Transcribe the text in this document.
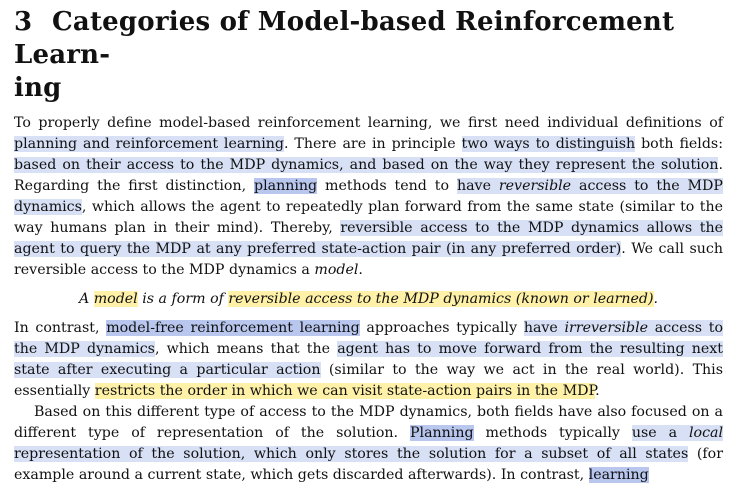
3 Categories of Model-based Reinforcement Learn-
ing

To properly define model-based reinforcement learning, we first need individual definitions of planning and reinforcement learning. There are in principle two ways to distinguish both fields: based on their access to the MDP dynamics, and based on the way they represent the solution. Regarding the first distinction, planning methods tend to have reversible access to the MDP dynamics, which allows the agent to repeatedly plan forward from the same state (similar to the way humans plan in their mind). Thereby, reversible access to the MDP dynamics allows the agent to query the MDP at any preferred state-action pair (in any preferred order). We call such reversible access to the MDP dynamics a model.

A model is a form of reversible access to the MDP dynamics (known or learned).

In contrast, model-free reinforcement learning approaches typically have irreversible access to the MDP dynamics, which means that the agent has to move forward from the resulting next state after executing a particular action (similar to the way we act in the real world). This essentially restricts the order in which we can visit state-action pairs in the MDP.

Based on this different type of access to the MDP dynamics, both fields have also focused on a different type of representation of the solution. Planning methods typically use a local representation of the solution, which only stores the solution for a subset of all states (for example around a current state, which gets discarded afterwards). In contrast, learning
